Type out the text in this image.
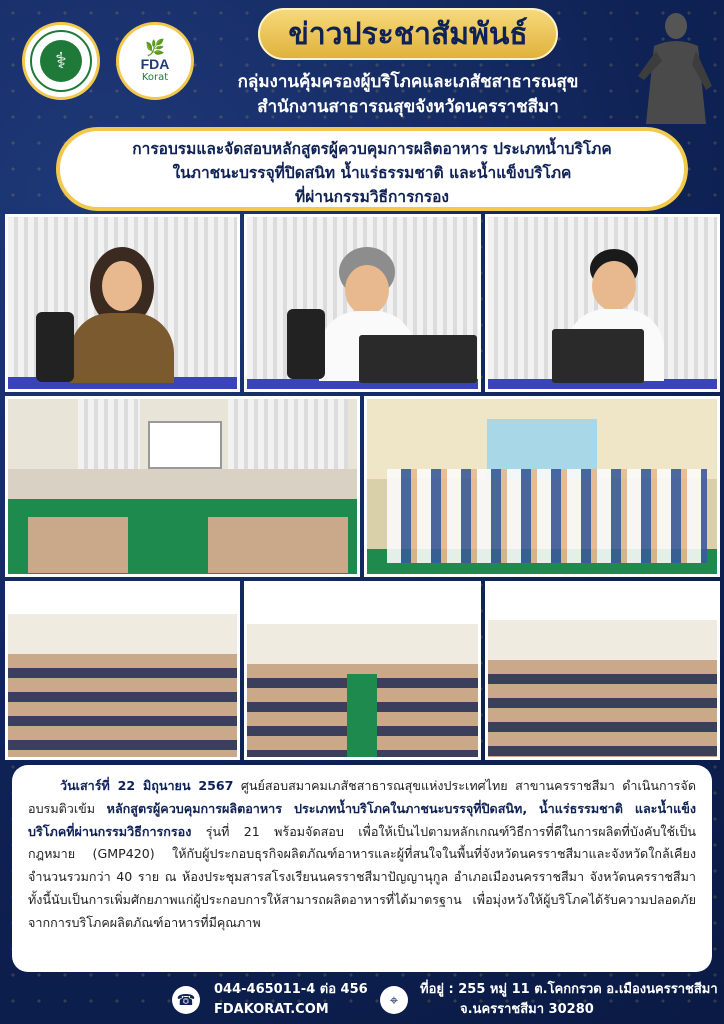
⚕
🌿
FDA
Korat
ข่าวประชาสัมพันธ์
กลุ่มงานคุ้มครองผู้บริโภคและเภสัชสาธารณสุข
สำนักงานสาธารณสุขจังหวัดนครราชสีมา
การอบรมและจัดสอบหลักสูตรผู้ควบคุมการผลิตอาหาร ประเภทน้ำบริโภค
ในภาชนะบรรจุที่ปิดสนิท น้ำแร่ธรรมชาติ และน้ำแข็งบริโภค
ที่ผ่านกรรมวิธีการกรอง

วันเสาร์ที่ 22 มิถุนายน 2567 ศูนย์สอบสมาคมเภสัชสาธารณสุขแห่งประเทศไทย สาขานครราชสีมา ดำเนินการจัดอบรมติวเข้ม หลักสูตรผู้ควบคุมการผลิตอาหาร ประเภทน้ำบริโภคในภาชนะบรรจุที่ปิดสนิท, น้ำแร่ธรรมชาติ และน้ำแข็งบริโภคที่ผ่านกรรมวิธีการกรอง รุ่นที่ 21 พร้อมจัดสอบ เพื่อให้เป็นไปตามหลักเกณฑ์วิธีการที่ดีในการผลิตที่บังคับใช้เป็นกฎหมาย (GMP420) ให้กับผู้ประกอบธุรกิจผลิตภัณฑ์อาหารและผู้ที่สนใจในพื้นที่จังหวัดนครราชสีมาและจังหวัดใกล้เคียงจำนวนรวมกว่า 40 ราย ณ ห้องประชุมสารสโรงเรียนนครราชสีมาปัญญานุกูล อำเภอเมืองนครราชสีมา จังหวัดนครราชสีมา ทั้งนี้นับเป็นการเพิ่มศักยภาพแก่ผู้ประกอบการให้สามารถผลิตอาหารที่ได้มาตรฐาน เพื่อมุ่งหวังให้ผู้บริโภคได้รับความปลอดภัยจากการบริโภคผลิตภัณฑ์อาหารที่มีคุณภาพ

☎
044-465011-4 ต่อ 456
FDAKORAT.COM
⌖
ที่อยู่ : 255 หมู่ 11 ต.โคกกรวด อ.เมืองนครราชสีมา
จ.นครราชสีมา 30280
